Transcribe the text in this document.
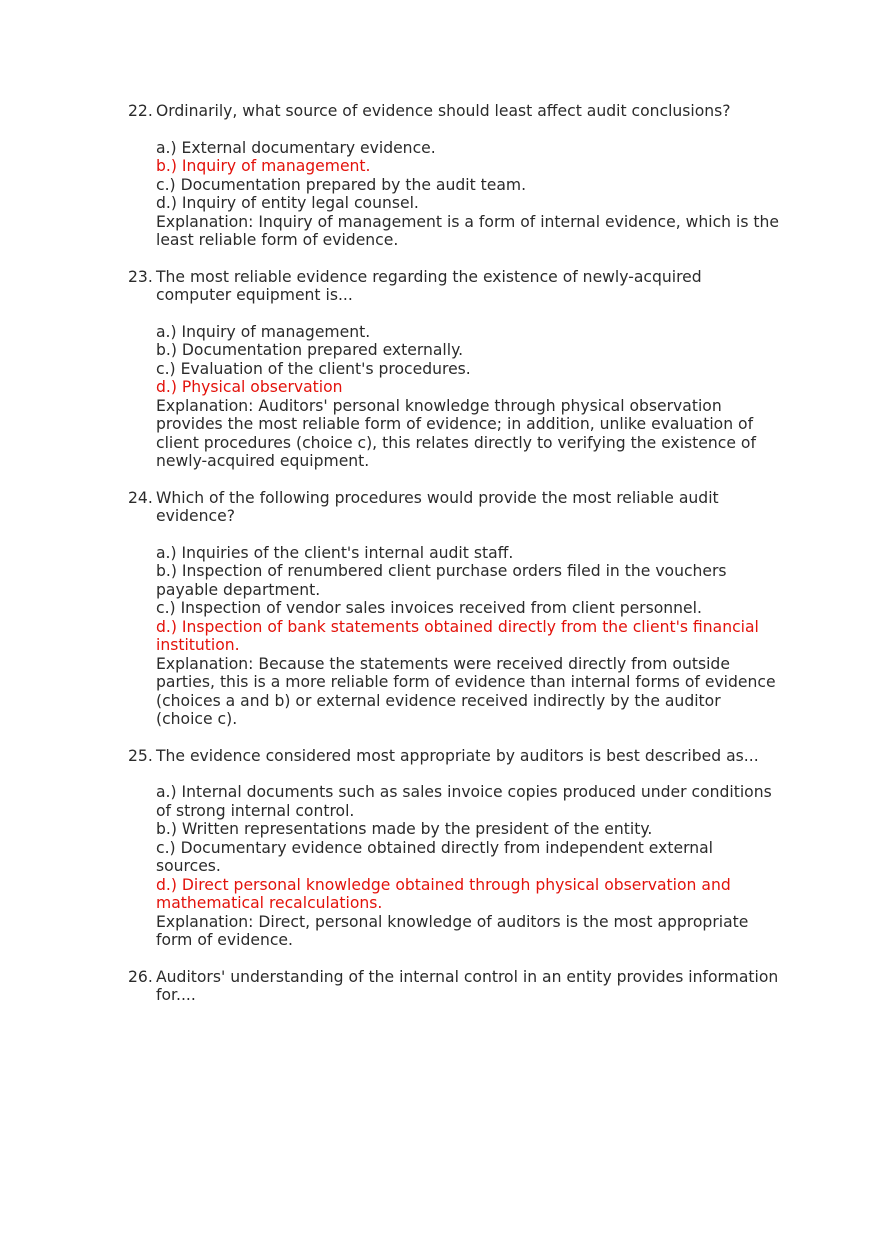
22. Ordinarily, what source of evidence should least affect audit conclusions?
a.) External documentary evidence.
b.) Inquiry of management.
c.) Documentation prepared by the audit team.
d.) Inquiry of entity legal counsel.
Explanation: Inquiry of management is a form of internal evidence, which is the least reliable form of evidence.
23. The most reliable evidence regarding the existence of newly-acquired computer equipment is...
a.) Inquiry of management.
b.) Documentation prepared externally.
c.) Evaluation of the client's procedures.
d.) Physical observation
Explanation: Auditors' personal knowledge through physical observation provides the most reliable form of evidence; in addition, unlike evaluation of client procedures (choice c), this relates directly to verifying the existence of newly-acquired equipment.
24. Which of the following procedures would provide the most reliable audit evidence?
a.) Inquiries of the client's internal audit staff.
b.) Inspection of renumbered client purchase orders filed in the vouchers payable department.
c.) Inspection of vendor sales invoices received from client personnel.
d.) Inspection of bank statements obtained directly from the client's financial institution.
Explanation: Because the statements were received directly from outside parties, this is a more reliable form of evidence than internal forms of evidence (choices a and b) or external evidence received indirectly by the auditor (choice c).
25. The evidence considered most appropriate by auditors is best described as...
a.) Internal documents such as sales invoice copies produced under conditions of strong internal control.
b.) Written representations made by the president of the entity.
c.) Documentary evidence obtained directly from independent external sources.
d.) Direct personal knowledge obtained through physical observation and mathematical recalculations.
Explanation: Direct, personal knowledge of auditors is the most appropriate form of evidence.
26. Auditors' understanding of the internal control in an entity provides information for....
